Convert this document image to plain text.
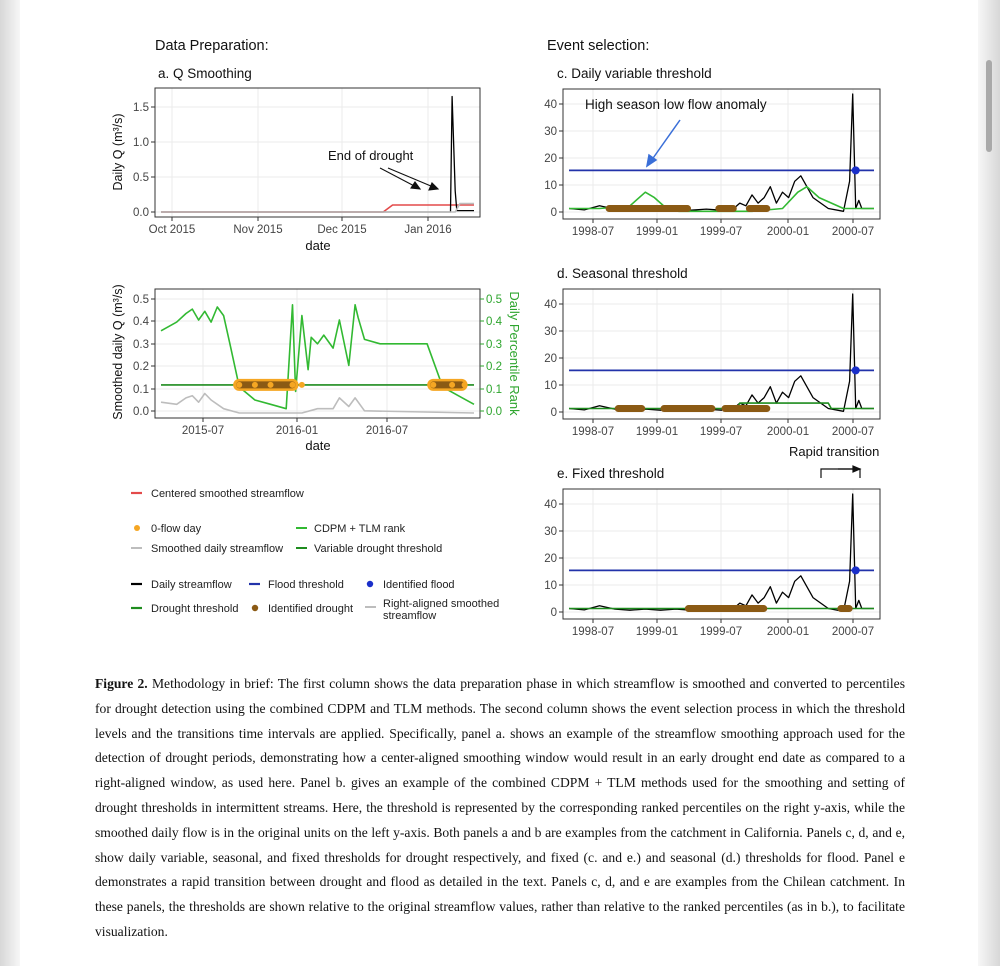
Data Preparation:	Event selection:
a. Q Smoothing
0.0
0.5
1.0
1.5
Oct 2015	Nov 2015	Dec 2015	Jan 2016
date
Daily Q (m³/s)
0.0
0.1
0.2
0.3
0.4
0.5
2015-07	2016-01	2016-07
0.0
0.1
0.2
0.3
0.4
0.5 Daily Percentile Rank
date
Smoothed daily Q (m³/s)
c. Daily variable threshold
0
10
20
30
40
1998-07 1999-01 1999-07 2000-01 2000-07
d. Seasonal threshold
0
10
20
30
40
1998-07 1999-01 1999-07 2000-01 2000-07
e. Fixed threshold
0
10
20
30
40
1998-07 1999-01 1999-07 2000-01 2000-07
End of drought
High season low flow anomaly
Rapid transition
Centered smoothed streamflow
0-flow day	CDPM + TLM rank
Smoothed daily streamflow	Variable drought threshold
Daily streamflow	Flood threshold	Identified flood
Drought threshold	Identified drought	Right-aligned smoothed
streamflow
Figure 2. Methodology in brief: The first column shows the data preparation phase in which streamflow is smoothed and converted to percentiles for drought detection using the combined CDPM and TLM methods. The second column shows the event selection process in which the threshold levels and the transitions time intervals are applied. Specifically, panel a. shows an example of the streamflow smoothing approach used for the detection of drought periods, demonstrating how a center-aligned smoothing window would result in an early drought end date as compared to a right-aligned window, as used here. Panel b. gives an example of the combined CDPM + TLM methods used for the smoothing and setting of drought thresholds in intermittent streams. Here, the threshold is represented by the corresponding ranked percentiles on the right y-axis, while the smoothed daily flow is in the original units on the left y-axis. Both panels a and b are examples from the catchment in California. Panels c, d, and e, show daily variable, seasonal, and fixed thresholds for drought respectively, and fixed (c. and e.) and seasonal (d.) thresholds for flood. Panel e demonstrates a rapid transition between drought and flood as detailed in the text. Panels c, d, and e are examples from the Chilean catchment. In these panels, the thresholds are shown relative to the original streamflow values, rather than relative to the ranked percentiles (as in b.), to facilitate visualization.
